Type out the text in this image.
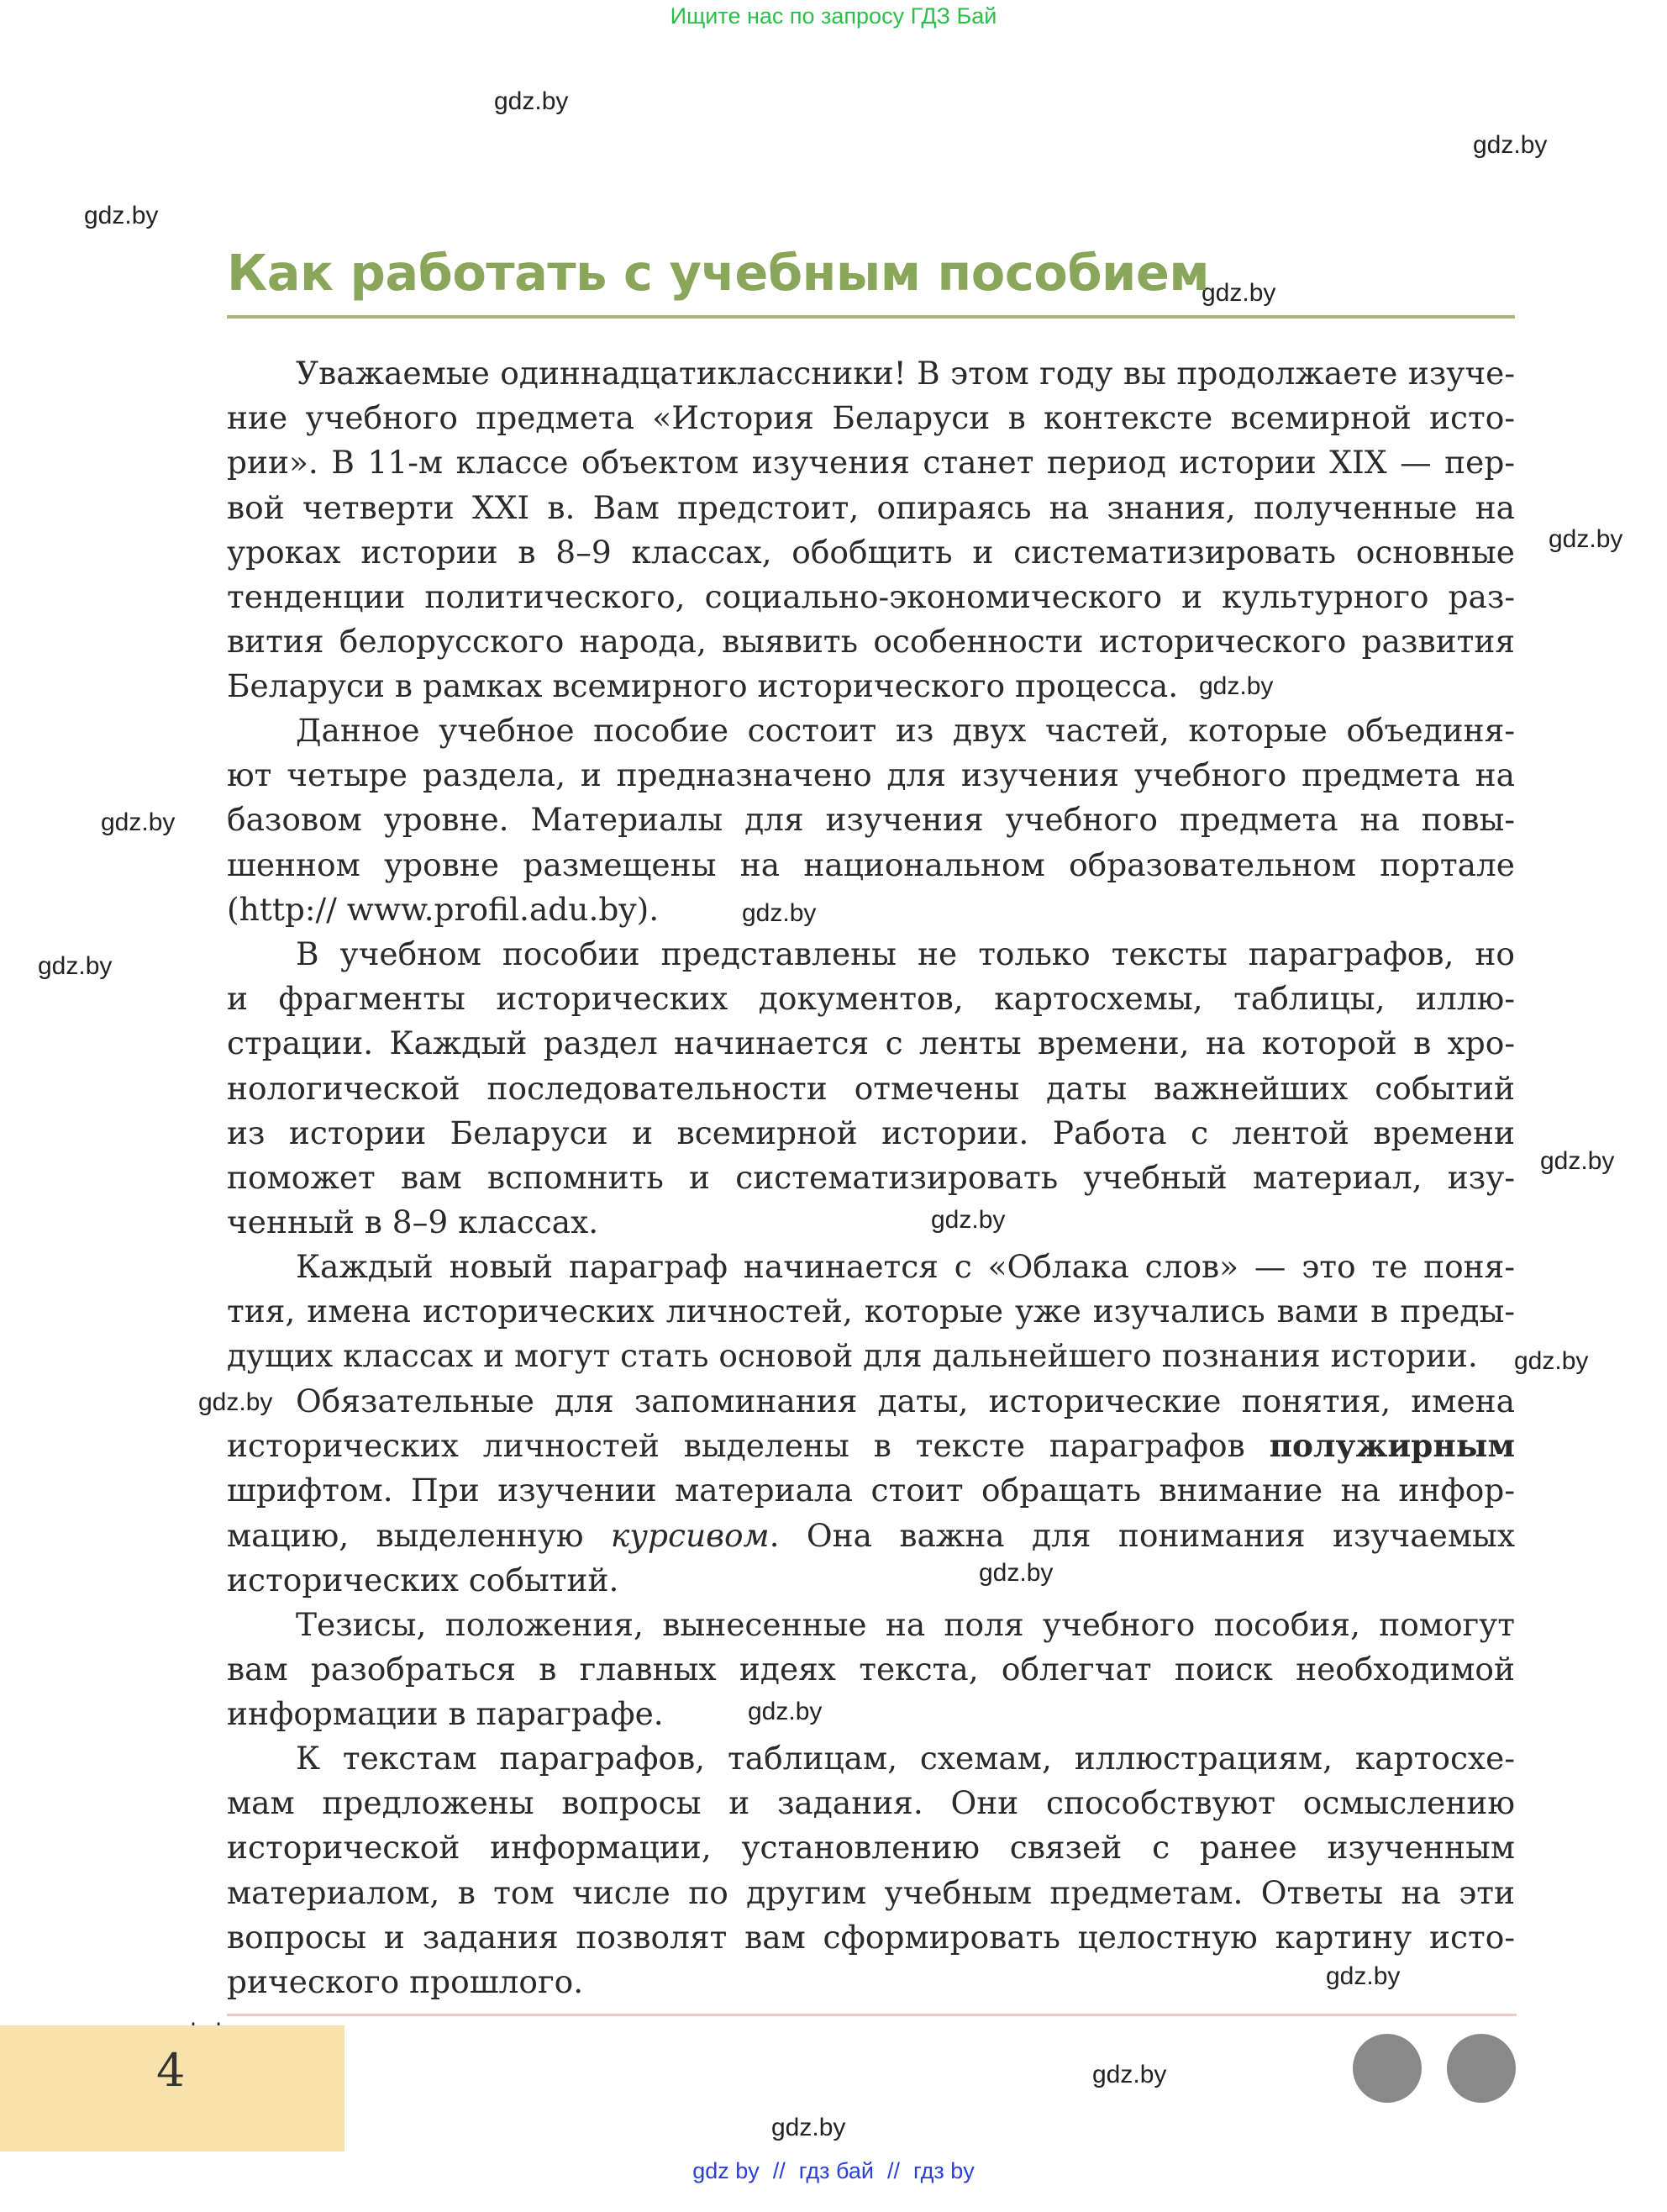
Ищите нас по запросу ГДЗ Бай
gdz.by
gdz.by
gdz.by
gdz.by
gdz.by
gdz.by
gdz.by
gdz.by
gdz.by
gdz.by
gdz.by
gdz.by
gdz.by
gdz.by
gdz.by
gdz.by
gdz.by
gdz.by
Как работать с учебным пособием
Уважаемые одиннадцатиклассники! В этом году вы продолжаете изуче-
ние учебного предмета «История Беларуси в контексте всемирной исто-
рии». В 11-м классе объектом изучения станет период истории XIX — пер-
вой четверти XXI в. Вам предстоит, опираясь на знания, полученные на
уроках истории в 8–9 классах, обобщить и систематизировать основные
тенденции политического, социально-экономического и культурного раз-
вития белорусского народа, выявить особенности исторического развития
Беларуси в рамках всемирного исторического процесса.
Данное учебное пособие состоит из двух частей, которые объединя-
ют четыре раздела, и предназначено для изучения учебного предмета на
базовом уровне. Материалы для изучения учебного предмета на повы-
шенном уровне размещены на национальном образовательном портале
(http:// www.profil.adu.by).
В учебном пособии представлены не только тексты параграфов, но
и фрагменты исторических документов, картосхемы, таблицы, иллю-
страции. Каждый раздел начинается с ленты времени, на которой в хро-
нологической последовательности отмечены даты важнейших событий
из истории Беларуси и всемирной истории. Работа с лентой времени
поможет вам вспомнить и систематизировать учебный материал, изу-
ченный в 8–9 классах.
Каждый новый параграф начинается с «Облака слов» — это те поня-
тия, имена исторических личностей, которые уже изучались вами в преды-
дущих классах и могут стать основой для дальнейшего познания истории.
Обязательные для запоминания даты, исторические понятия, имена
исторических личностей выделены в тексте параграфов полужирным
шрифтом. При изучении материала стоит обращать внимание на инфор-
мацию, выделенную курсивом. Она важна для понимания изучаемых
исторических событий.
Тезисы, положения, вынесенные на поля учебного пособия, помогут
вам разобраться в главных идеях текста, облегчат поиск необходимой
информации в параграфе.
К текстам параграфов, таблицам, схемам, иллюстрациям, картосхе-
мам предложены вопросы и задания. Они способствуют осмыслению
исторической информации, установлению связей с ранее изученным
материалом, в том числе по другим учебным предметам. Ответы на эти
вопросы и задания позволят вам сформировать целостную картину исто-
рического прошлого.
4
gdz by // гдз бай // гдз by
